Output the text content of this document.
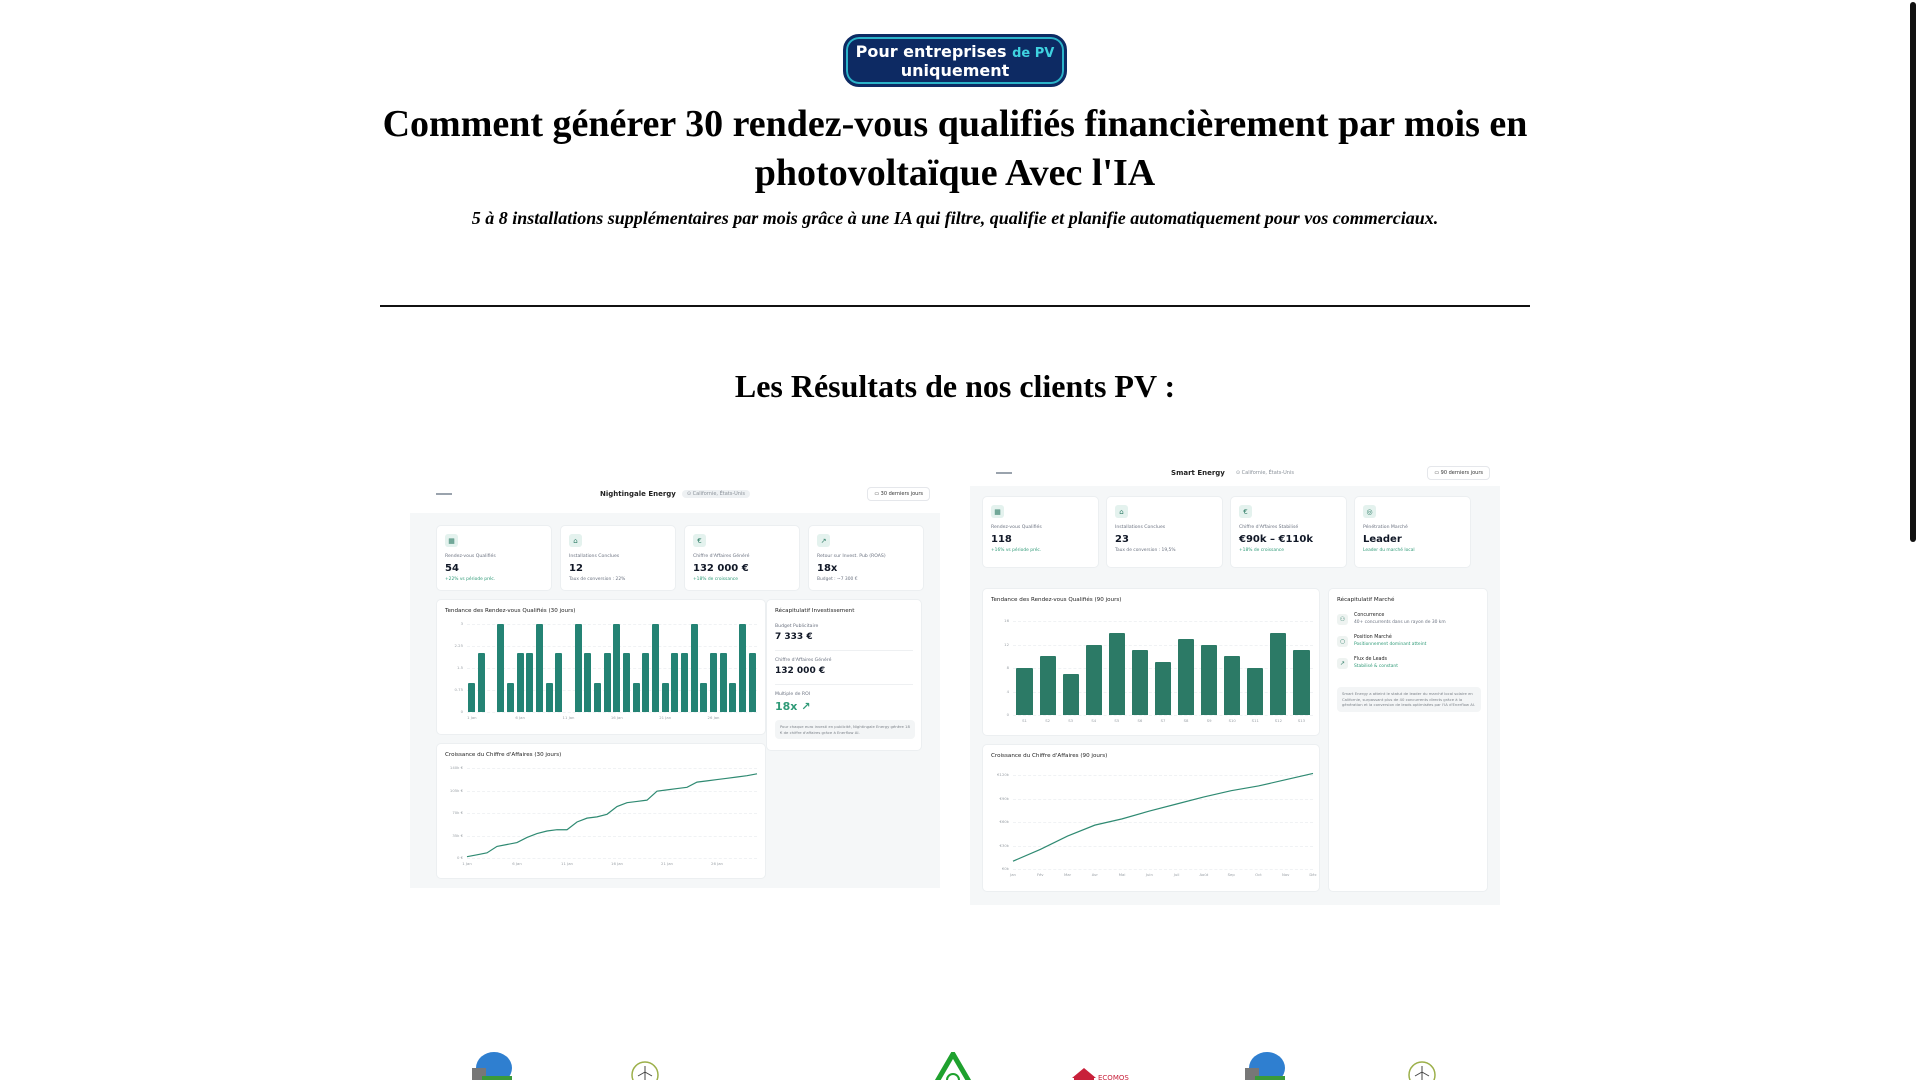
Pour entreprises de PV
uniquement
Comment générer 30 rendez-vous qualifiés financièrement par mois en photovoltaïque Avec l'IA

5 à 8 installations supplémentaires par mois grâce à une IA qui filtre, qualifie et planifie automatiquement pour vos commerciaux.

Les Résultats de nos clients PV :
Nightingale Energy	⊙ Californie, États-Unis	▭ 30 derniers jours
▦
Rendez-vous Qualifiés
54
+22% vs période préc.
⌂
Installations Conclues
12
Taux de conversion : 22%
€
Chiffre d'Affaires Généré
132 000 €
+18% de croissance
↗
Retour sur Invest. Pub (ROAS)
18x
Budget : ~7 300 €
Tendance des Rendez-vous Qualifiés (30 jours)
0
0.75
1.5
2.25
3
1 Jan	6 Jan	11 Jan	16 Jan	21 Jan	26 Jan
Croissance du Chiffre d'Affaires (30 jours)
0 €
35k €
70k €
105k €
140k €
1 Jan	6 Jan	11 Jan	16 Jan	21 Jan	26 Jan
Récapitulatif Investissement
Budget Publicitaire
7 333 €
Chiffre d'Affaires Généré
132 000 €
Multiple de ROI
18x ↗
Pour chaque euro investi en publicité, Nightingale Energy génère 18 € de chiffre d'affaires grâce à Enerflow AI.
Smart Energy	⊙ Californie, États-Unis	▭ 90 derniers jours
▦
Rendez-vous Qualifiés
118
+16% vs période préc.
⌂
Installations Conclues
23
Taux de conversion : 19,5%
€
Chiffre d'Affaires Stabilisé
€90k – €110k
+18% de croissance
◎
Pénétration Marché
Leader
Leader du marché local
Tendance des Rendez-vous Qualifiés (90 jours)
0
4
8
12
16
S1	S2	S3	S4	S5	S6	S7	S8	S9	S10	S11	S12	S13
Croissance du Chiffre d'Affaires (90 jours)
€0k
€30k
€60k
€90k
€120k
Jan	Fév	Mar	Avr	Mai	Juin	Juil	Août	Sep	Oct	Nov	Déc
Récapitulatif Marché
⚇
Concurrence
40+ concurrents dans un rayon de 30 km
○
Position Marché
Positionnement dominant atteint
↗
Flux de Leads
Stabilisé & constant
Smart Energy a atteint le statut de leader du marché local solaire en Californie, surpassant plus de 40 concurrents directs grâce à la génération et la conversion de leads optimisées par l'IA d'Enerflow AI.
ECOMOS
